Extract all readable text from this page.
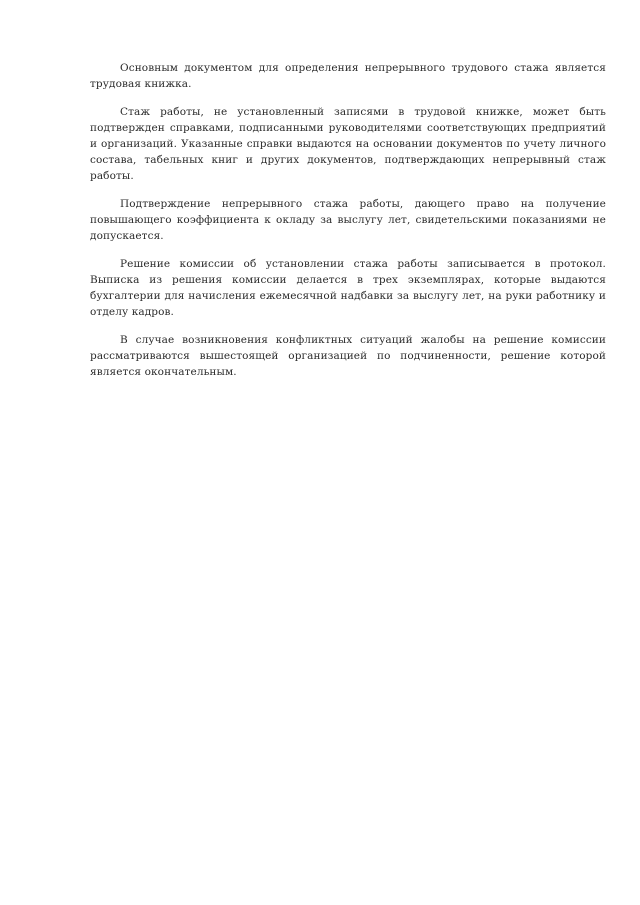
Основным документом для определения непрерывного трудового стажа является трудовая книжка.

Стаж работы, не установленный записями в трудовой книжке, может быть подтвержден справками, подписанными руководителями соответствующих предприятий и организаций. Указанные справки выдаются на основании документов по учету личного состава, табельных книг и других документов, подтверждающих непрерывный стаж работы.

Подтверждение непрерывного стажа работы, дающего право на получение повышающего коэффициента к окладу за выслугу лет, свидетельскими показаниями не допускается.

Решение комиссии об установлении стажа работы записывается в протокол. Выписка из решения комиссии делается в трех экземплярах, которые выдаются бухгалтерии для начисления ежемесячной надбавки за выслугу лет, на руки работнику и отделу кадров.

В случае возникновения конфликтных ситуаций жалобы на решение комиссии рассматриваются вышестоящей организацией по подчиненности, решение которой является окончательным.
